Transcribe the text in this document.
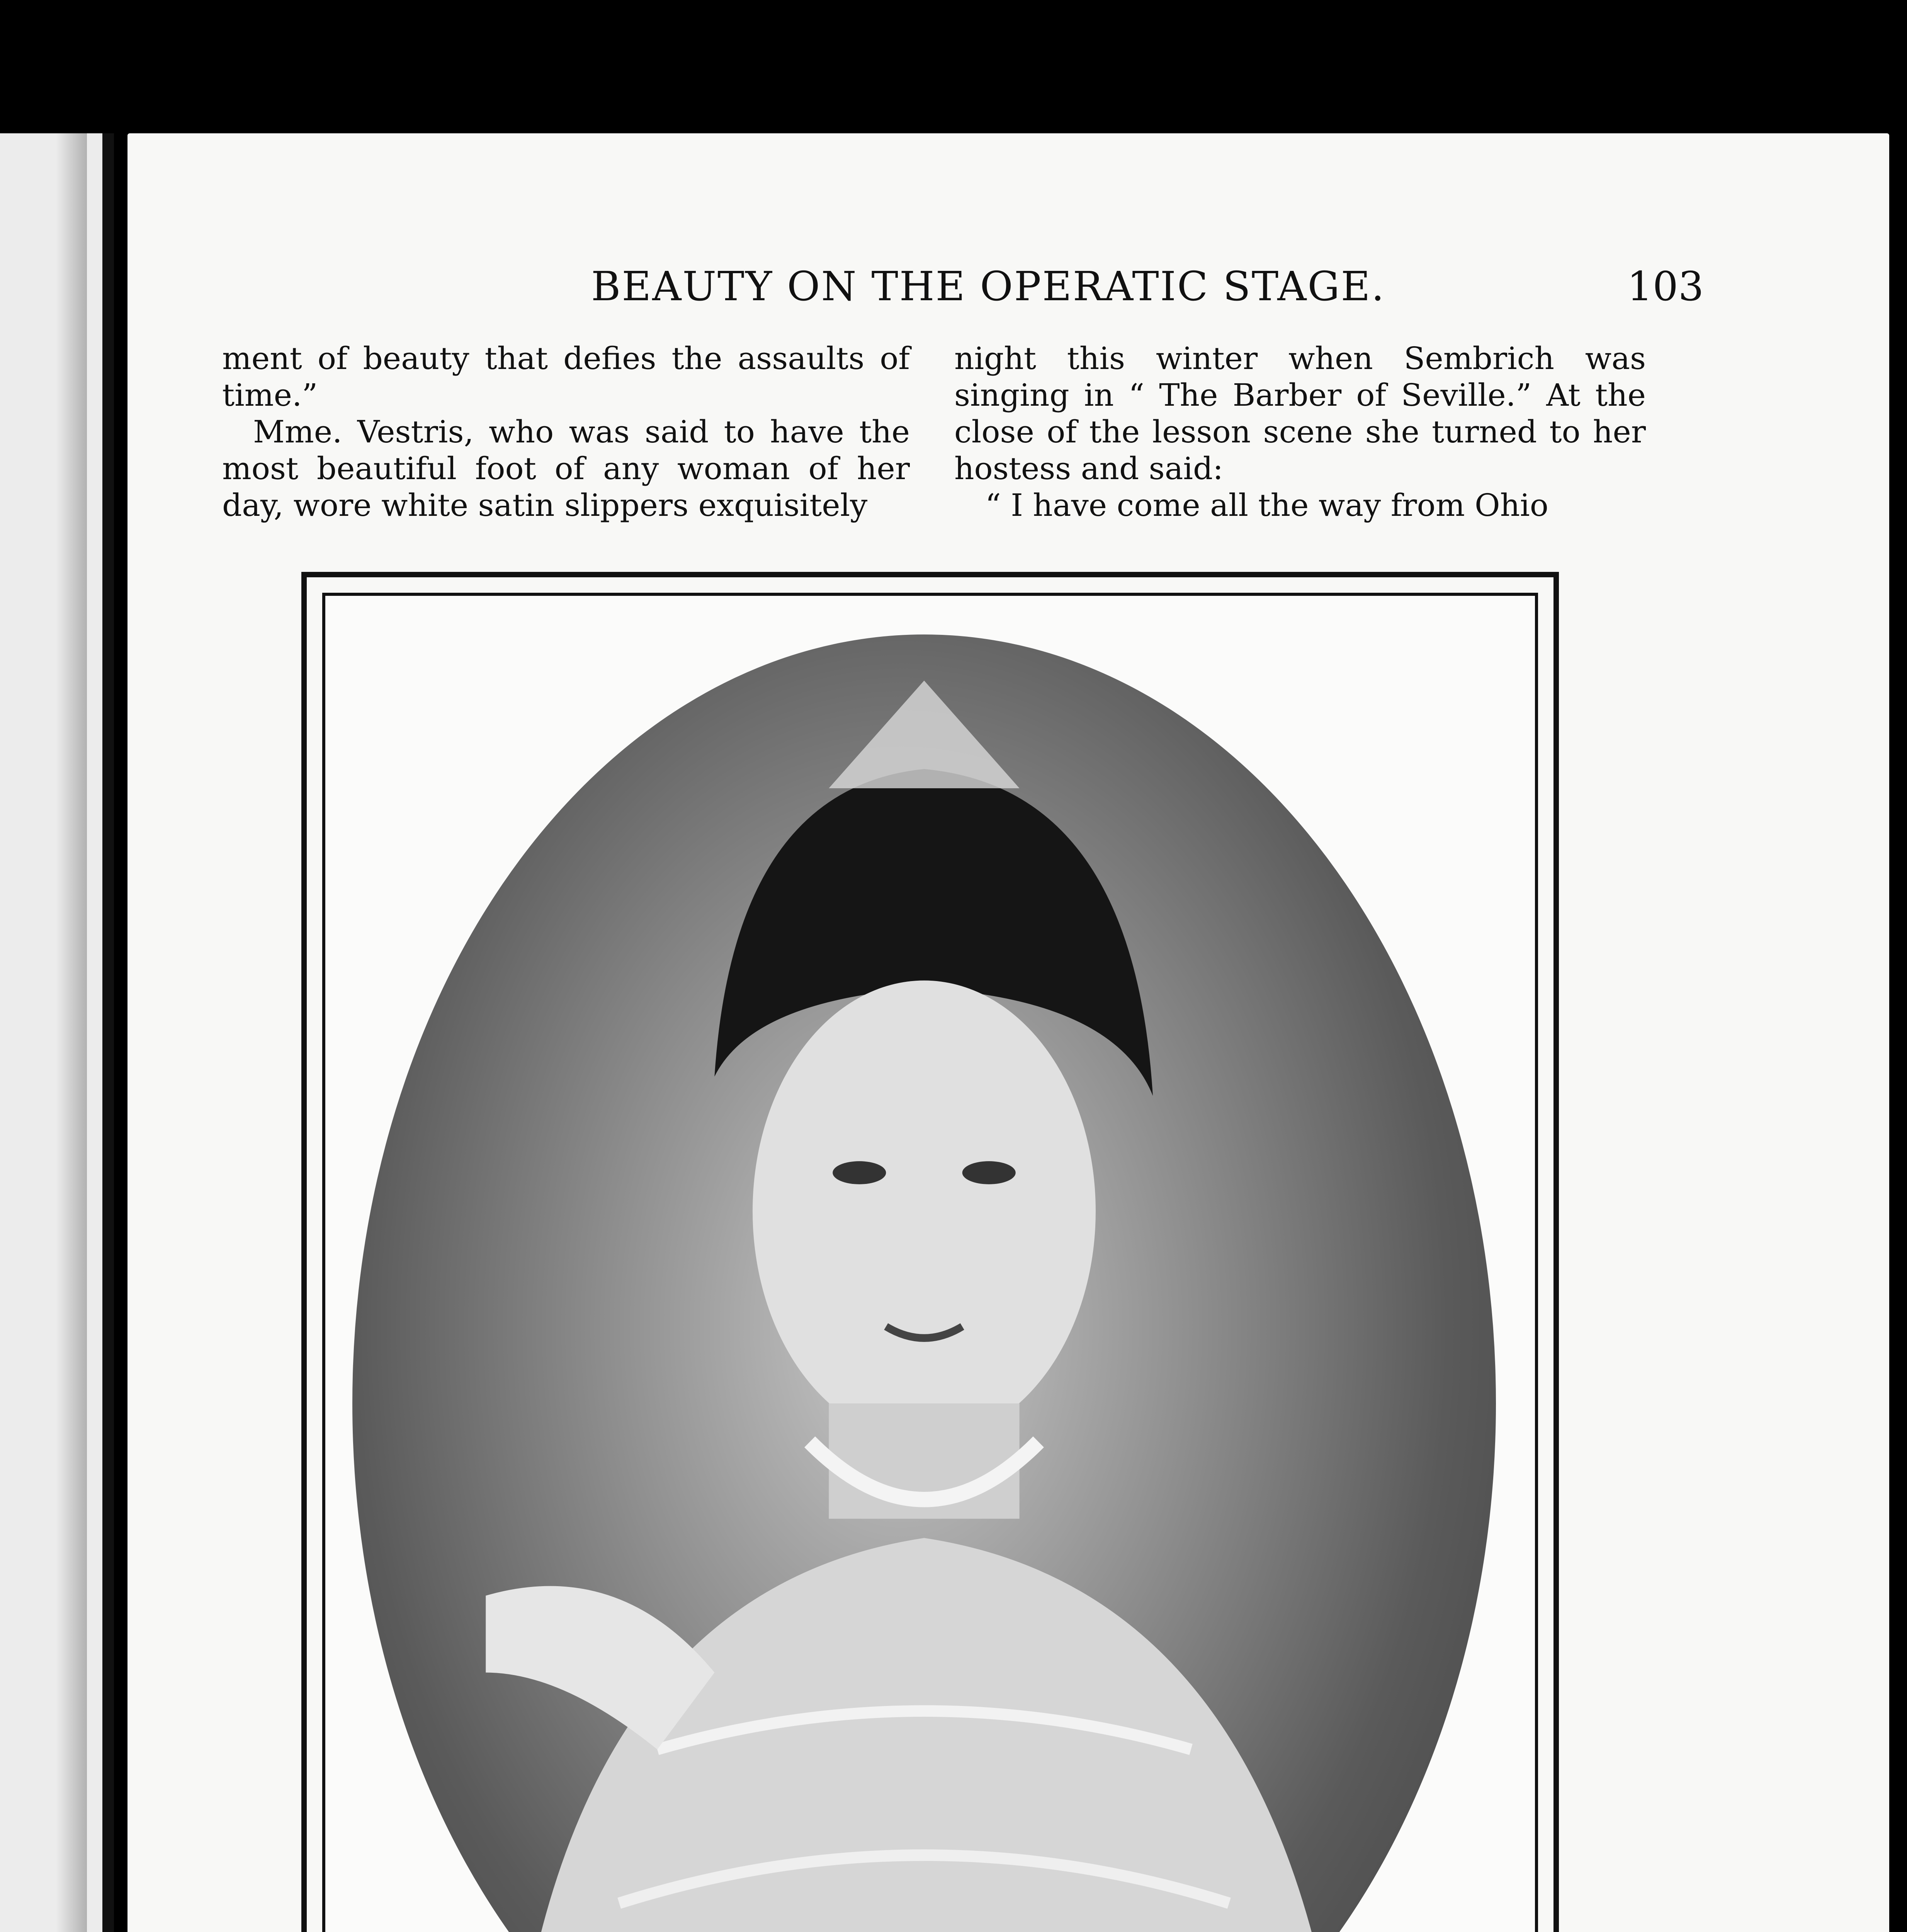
BEAUTY ON THE OPERATIC STAGE.	103

ment of beauty that defies the assaults of time.”

Mme. Vestris, who was said to have the most beautiful foot of any woman of her day, wore white satin slippers exquisitely

night this winter when Sembrich was singing in “ The Barber of Seville.” At the close of the lesson scene she turned to her hostess and said:

“ I have come all the way from Ohio
